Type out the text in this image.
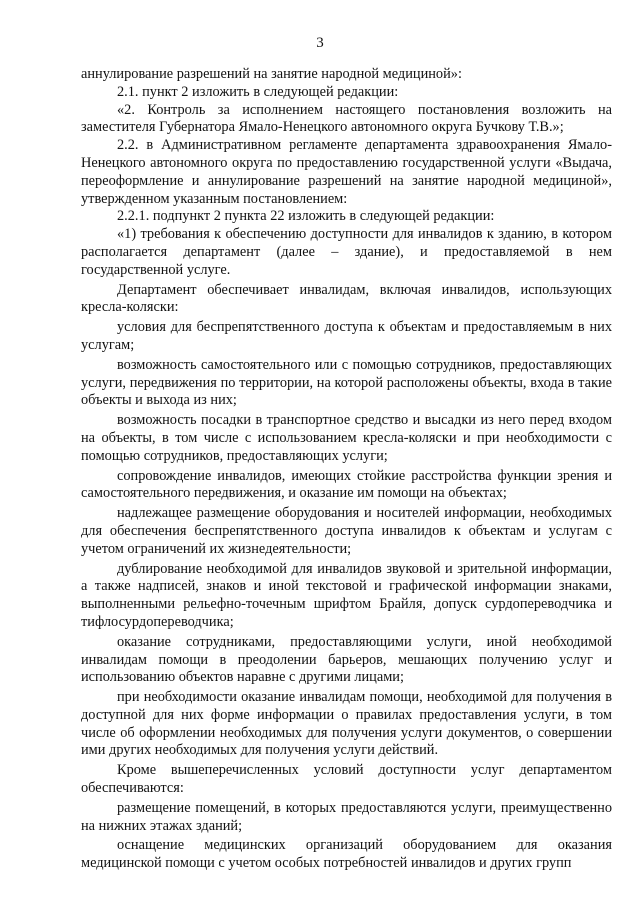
3

аннулирование разрешений на занятие народной медициной»:

2.1. пункт 2 изложить в следующей редакции:

«2. Контроль за исполнением настоящего постановления возложить на заместителя Губернатора Ямало-Ненецкого автономного округа Бучкову Т.В.»;

2.2. в Административном регламенте департамента здравоохранения Ямало-Ненецкого автономного округа по предоставлению государственной услуги «Выдача, переоформление и аннулирование разрешений на занятие народной медициной», утвержденном указанным постановлением:

2.2.1. подпункт 2 пункта 22 изложить в следующей редакции:

«1) требования к обеспечению доступности для инвалидов к зданию, в котором располагается департамент (далее – здание), и предоставляемой в нем государственной услуге.

Департамент обеспечивает инвалидам, включая инвалидов, использующих кресла-коляски:

условия для беспрепятственного доступа к объектам и предоставляемым в них услугам;

возможность самостоятельного или с помощью сотрудников, предоставляющих услуги, передвижения по территории, на которой расположены объекты, входа в такие объекты и выхода из них;

возможность посадки в транспортное средство и высадки из него перед входом на объекты, в том числе с использованием кресла-коляски и при необходимости с помощью сотрудников, предоставляющих услуги;

сопровождение инвалидов, имеющих стойкие расстройства функции зрения и самостоятельного передвижения, и оказание им помощи на объектах;

надлежащее размещение оборудования и носителей информации, необходимых для обеспечения беспрепятственного доступа инвалидов к объектам и услугам с учетом ограничений их жизнедеятельности;

дублирование необходимой для инвалидов звуковой и зрительной информации, а также надписей, знаков и иной текстовой и графической информации знаками, выполненными рельефно-точечным шрифтом Брайля, допуск сурдопереводчика и тифлосурдопереводчика;

оказание сотрудниками, предоставляющими услуги, иной необходимой инвалидам помощи в преодолении барьеров, мешающих получению услуг и использованию объектов наравне с другими лицами;

при необходимости оказание инвалидам помощи, необходимой для получения в доступной для них форме информации о правилах предоставления услуги, в том числе об оформлении необходимых для получения услуги документов, о совершении ими других необходимых для получения услуги действий.

Кроме вышеперечисленных условий доступности услуг департаментом обеспечиваются:

размещение помещений, в которых предоставляются услуги, преимущественно на нижних этажах зданий;

оснащение медицинских организаций оборудованием для оказания медицинской помощи с учетом особых потребностей инвалидов и других групп
